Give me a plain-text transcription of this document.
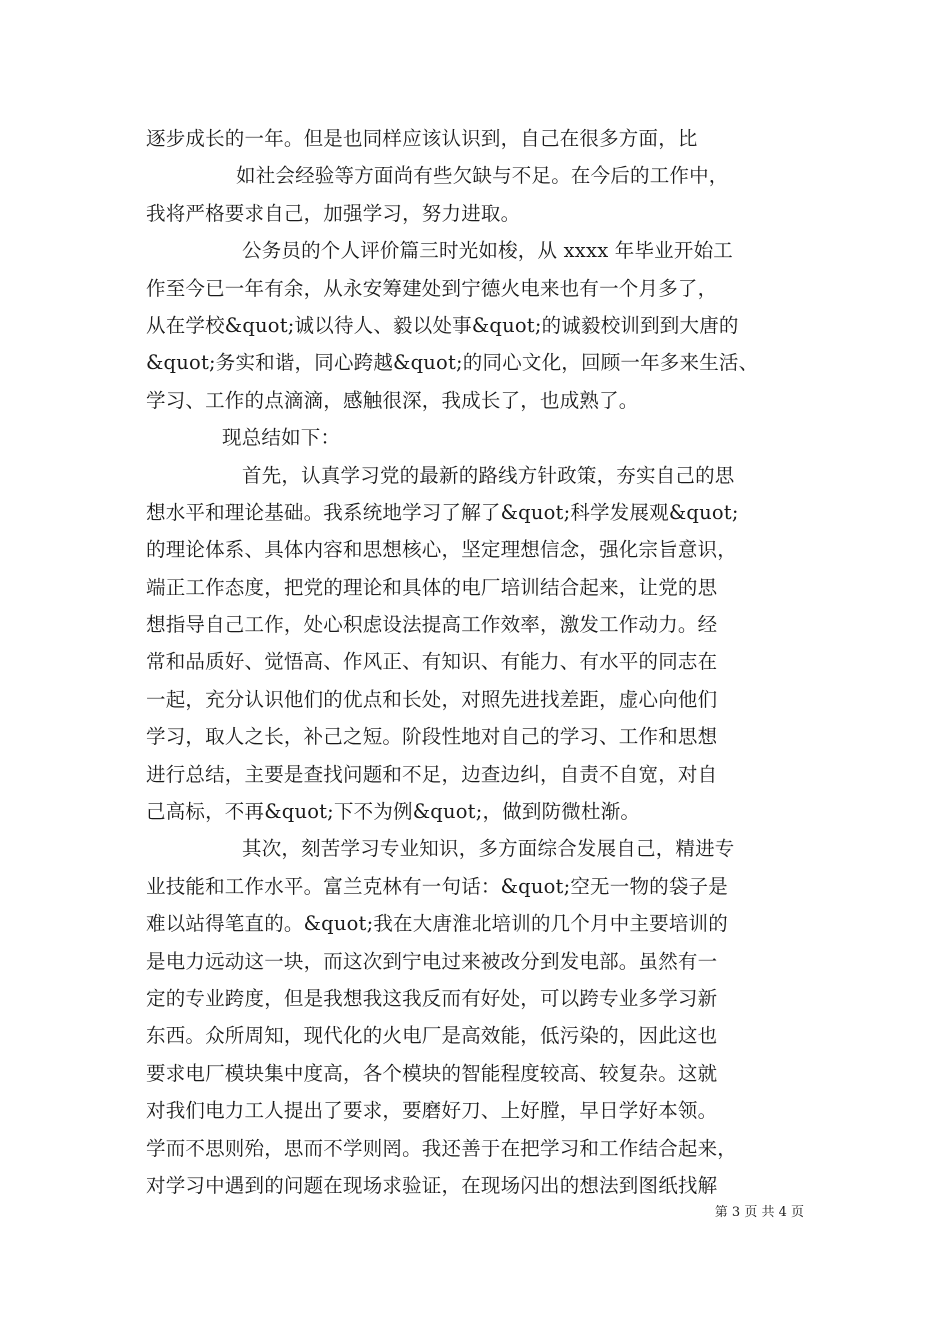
逐步成长的一年。但是也同样应该认识到，自己在很多方面，比
如社会经验等方面尚有些欠缺与不足。在今后的工作中，
我将严格要求自己，加强学习，努力进取。
公务员的个人评价篇三时光如梭，从 xxxx 年毕业开始工
作至今已一年有余，从永安筹建处到宁德火电来也有一个月多了，
从在学校&quot;诚以待人、毅以处事&quot;的诚毅校训到到大唐的
&quot;务实和谐，同心跨越&quot;的同心文化，回顾一年多来生活、
学习、工作的点滴滴，感触很深，我成长了，也成熟了。
现总结如下：
首先，认真学习党的最新的路线方针政策，夯实自己的思
想水平和理论基础。我系统地学习了解了&quot;科学发展观&quot;
的理论体系、具体内容和思想核心，坚定理想信念，强化宗旨意识，
端正工作态度，把党的理论和具体的电厂培训结合起来，让党的思
想指导自己工作，处心积虑设法提高工作效率，激发工作动力。经
常和品质好、觉悟高、作风正、有知识、有能力、有水平的同志在
一起，充分认识他们的优点和长处，对照先进找差距，虚心向他们
学习，取人之长，补己之短。阶段性地对自己的学习、工作和思想
进行总结，主要是查找问题和不足，边查边纠，自责不自宽，对自
己高标，不再&quot;下不为例&quot;，做到防微杜渐。
其次，刻苦学习专业知识，多方面综合发展自己，精进专
业技能和工作水平。富兰克林有一句话：&quot;空无一物的袋子是
难以站得笔直的。&quot;我在大唐淮北培训的几个月中主要培训的
是电力远动这一块，而这次到宁电过来被改分到发电部。虽然有一
定的专业跨度，但是我想我这我反而有好处，可以跨专业多学习新
东西。众所周知，现代化的火电厂是高效能，低污染的，因此这也
要求电厂模块集中度高，各个模块的智能程度较高、较复杂。这就
对我们电力工人提出了要求，要磨好刀、上好膛，早日学好本领。
学而不思则殆，思而不学则罔。我还善于在把学习和工作结合起来，
对学习中遇到的问题在现场求验证，在现场闪出的想法到图纸找解
第 3 页 共 4 页
